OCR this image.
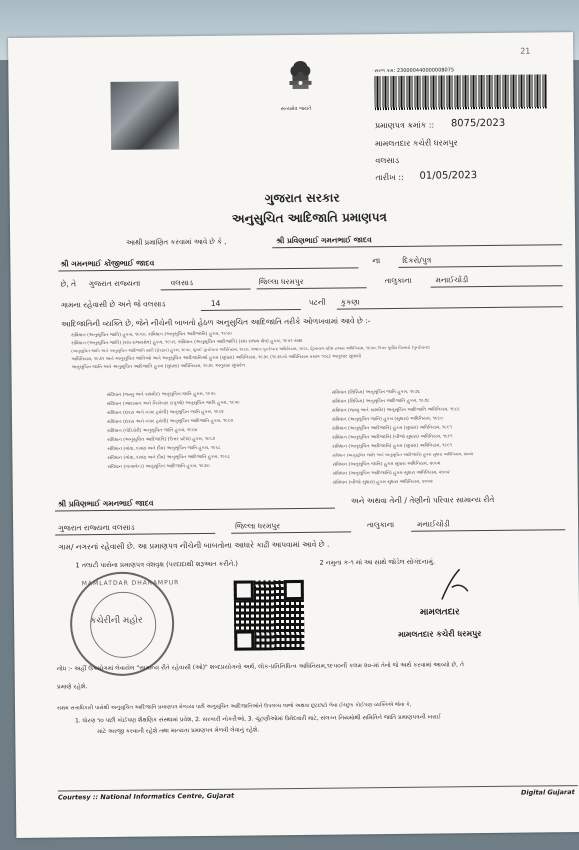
21
સત્યમેવ જયતે
સરળ ક્રમ: 230000440000008075
પ્રમાણપત્ર ક્રમાંક :: 8075/2023
મામલતદાર કચેરી ધરમપુર
વલસાડ
તારીખ :: 01/05/2023
ગુજરાત સરકાર
અનુસુચિત આદિજાતિ પ્રમાણપત્ર
આથી પ્રમાણિત કરવામાં આવે છે કે ,	શ્રી પ્રવિણભાઈ ગમનભાઈ જાદવ
શ્રી ગમનભાઈ કોંજીભાઈ જાદવ	ના	દિકરો/પુત્ર
છે, તે ગુજરાત રાજ્યના	વલસાડ	જિલ્લા ધરમપુર	તાલુકાના	મનાઈચોંડી
ગામના રહેવાસી છે અને જે વલસાડ	14	પટની કુકણા
આદિજાતિની વ્યક્તિ છે, જેને નીચેની બાબતો હેઠળ અનુસુચિત આદિજાતિ તરીકે ઓળખવામાં આવે છે :-
સંવિધાન (અનુસૂચિત જાતિ) હુકમ, ૧૯૫૦, સંવિધાન (અનુસૂચિત આદિજાતિ) હુકમ, ૧૯૫૦
સંવિધાન (અનુસૂચિત જાતિ) (સંઘ રાજ્યક્ષેત્ર) હુકમ, ૧૯૫૧, સંવિધાન (અનુસૂચિત આદિજાતિ) (સંઘ રાજ્ય ક્ષેત્ર) હુકમ, ૧૯૫૧ સાથ
(અનુસૂચિત જાતિ અને અનુસૂચિત આદિજાતિ યાદી (ફેરફાર) હુકમ, ૧૯૫૬, મુંબઈ પુનર્રચના અધિનિયમ, ૧૯૬૦, પંજાબ પુનર્રચના અધિનિયમ, ૧૯૬૬, હિમાચલ પ્રદેશ રાજ્ય અધિનિયમ, ૧૯૭૦, ઉત્તર-પૂર્વીય વિસ્તારો (પુનર્રચના)
અધિનિયમ, ૧૯૭૧ અને અનુસૂચિત જાતિઓ અને અનુસૂચિત આદિજાતિઓ હુકમ (સુધારા) અધિનિયમ, ૧૯૭૬ (૧૯૭૬નો અધિનિયમ ક્રમાંક ૧૦૮) અનુસાર સુધાર્યા
અનુસૂચિત જાતિ અને અનુસૂચિત આદિજાતિ હુકમ (સુધારા) અધિનિયમ, ૧૯૭૬ અનુસાર સુધારેલ
સંવિધાન (જમ્મુ અને કાશ્મીર) અનુસૂચિત જાતિ હુકમ, ૧૯૫૬
સંવિધાન (આંદામાન અને નિકોબાર ટાપુઓ) અનુસૂચિત જાતિ હુકમ, ૧૯૫૯
સંવિધાન (દાદરા અને નગર હવેલી) અનુસૂચિત જાતિ હુકમ, ૧૯૬૨
સંવિધાન (દાદરા અને નગર હવેલી) અનુસૂચિત આદિજાતિ હુકમ, ૧૯૬૨
સંવિધાન (પોંડિચેરી) અનુસૂચિત જાતિ હુકમ, ૧૯૬૪
સંવિધાન (અનુસૂચિત આદિજાતિ) (ઉત્તર પ્રદેશ) હુકમ, ૧૯૬૭
સંવિધાન (ગોવા, દમણ અને દીવ) અનુસૂચિત જાતિ હુકમ, ૧૯૬૮
સંવિધાન (ગોવા, દમણ અને દીવ) અનુસૂચિત આદિજાતિ હુકમ, ૧૯૬૮
સંવિધાન (નાગાલેન્ડ) અનુસૂચિત આદિજાતિ હુકમ, ૧૯૭૦
સંવિધાન (સિક્કિમ) અનુસૂચિત જાતિ હુકમ, ૧૯૭૮
સંવિધાન (સિક્કિમ) અનુસૂચિત આદિજાતિ હુકમ, ૧૯૭૮
સંવિધાન (જમ્મુ અને કાશ્મીર) અનુસૂચિત આદિજાતિ અધિનિયમ, ૧૯૮૯
સંવિધાન (અનુસૂચિત જાતિ) હુકમ (સુધારા) અધિનિયમ, ૧૯૯૦
સંવિધાન (અનુસૂચિત આદિજાતિ) હુકમ (સુધારા) અધિનિયમ, ૧૯૯૧
સંવિધાન (અનુસૂચિત આદિજાતિ) (બીજો સુધારા) અધિનિયમ, ૧૯૯૧
સંવિધાન (અનુસૂચિત આદિજાતિ) હુકમ (સુધારા) અધિનિયમ, ૧૯૯૧
સંવિધાન (અનુસૂચિત જાતિ અને અનુસૂચિત આદિજાતિ) હુકમ સુધારા અધિનિયમ, ૨૦૦૨
સંવિધાન (અનુસૂચિત જાતિ) હુકમ સુધારા અધિનિયમ, ૨૦૦૨
સંવિધાન (અનુસૂચિત આદિજાતિ) હુકમ સુધારા અધિનિયમ, ૨૦૦૨
સંવિધાન (બીજો સુધારા) હુકમ સુધારા અધિનિયમ, ૨૦૦૨
શ્રી પ્રવિણભાઈ ગમનભાઈ જાદવ	અને અથવા તેની / તેણીનો પરિવાર સામાન્ય રીતે
ગુજરાત રાજ્યના વલસાડ	જિલ્લા ધરમપુર	તાલુકાના	મનાઈચોંડી
ગામ/ નગરનાં રહેવાસી છે. આ પ્રમાણપત્ર નીચેની બાબતોના આધારે કાઢી આપવામાં આવે છે .
1 તલાટી પાસેના પ્રમાણપત્ર વંશવૃક્ષ (પરદાદાથી શરૂઆત કરીને.)	2 નમુના ક-૧ માં આ સાથે જોડેલ સોગંદનામું.
MAMLATDAR DHARAMPUR
કચેરીની મહોર
મામલતદાર
મામલતદાર કચેરી ધરમપુર
નોંધ :- અહીં ઉપયોગમાં લેવાયેલ "સામાન્ય રીતે રહેવાસી (ઓ)" શબ્દપ્રયોગનો અર્થ, લોક-પ્રતિનિધિત્વ અધિનિયમ,૧૯૫૦ની કલમ ૨૦-માં તેનો જે અર્થ કરવામાં આવ્યો છે, તે
પ્રમાણે રહેશે.
સક્ષમ સત્તાધિકારી પાસેથી અનુસૂચિત આદિજાતિ પ્રમાણપત્ર મેળવ્યા પછી અનુસૂચિત આદિજાતિઓને ઉપલબ્ધ લાભો અથવા છૂટછાટો લેવા ઈચ્છુક કોઈપણ વ્યક્તિએ જેવા કે,
1. ધોરણ ૧૦ પછી કોઈપણ શૈક્ષણિક સંસ્થામાં પ્રવેશ, 2. સરકારી નોકરીઓ, 3. ચૂંટણીઓમાં ઉમેદવારી માટે, સંલગ્ન નિયમોથી સમિતિને જાતિ પ્રમાણપત્રની ખરાઈ
માટે અરજી કરવાની રહેશે તથા માન્યતા પ્રમાણપત્ર મેળવી લેવાનું રહેશે.
Courtesy :: National Informatics Centre, Gujarat	Digital Gujarat
